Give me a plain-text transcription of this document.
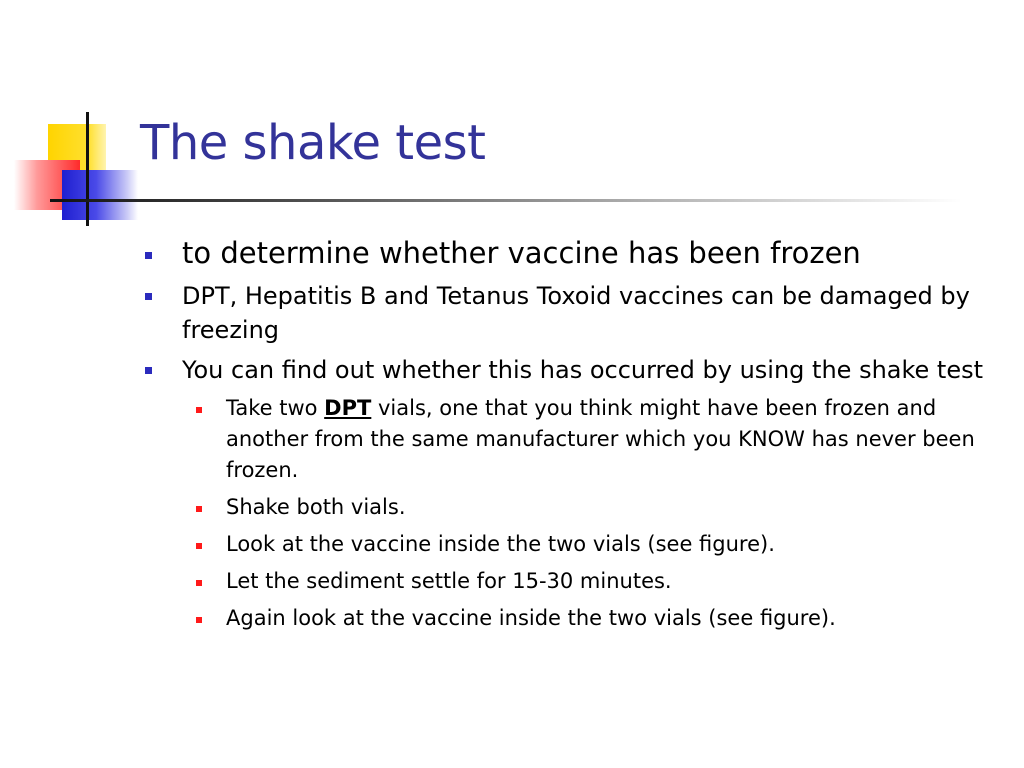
The shake test
to determine whether vaccine has been frozen
DPT, Hepatitis B and Tetanus Toxoid vaccines can be damaged by freezing
You can find out whether this has occurred by using the shake test
Take two DPT vials, one that you think might have been frozen and another from the same manufacturer which you KNOW has never been frozen.
Shake both vials.
Look at the vaccine inside the two vials (see figure).
Let the sediment settle for 15-30 minutes.
Again look at the vaccine inside the two vials (see figure).
